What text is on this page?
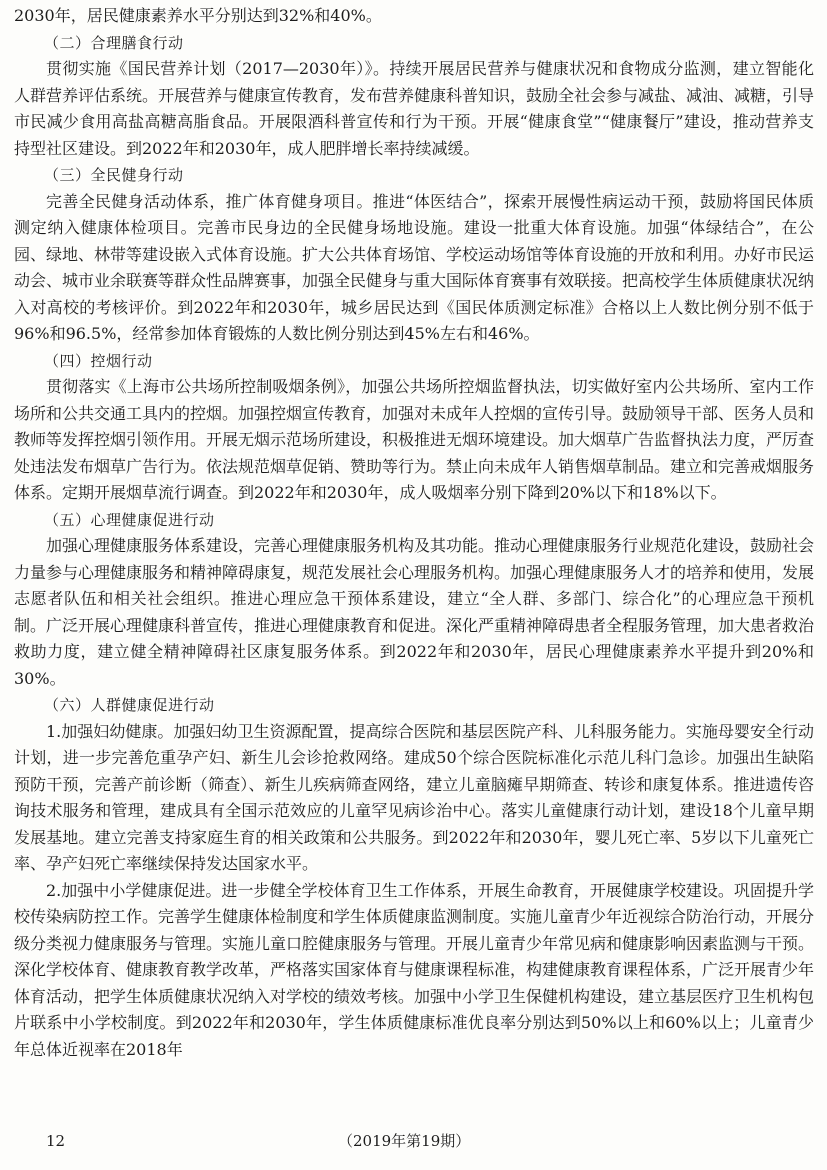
2030年，居民健康素养水平分别达到32%和40%。

（二）合理膳食行动

贯彻实施《国民营养计划（2017—2030年）》。持续开展居民营养与健康状况和食物成分监测，建立智能化人群营养评估系统。开展营养与健康宣传教育，发布营养健康科普知识，鼓励全社会参与减盐、减油、减糖，引导市民减少食用高盐高糖高脂食品。开展限酒科普宣传和行为干预。开展“健康食堂”“健康餐厅”建设，推动营养支持型社区建设。到2022年和2030年，成人肥胖增长率持续减缓。

（三）全民健身行动

完善全民健身活动体系，推广体育健身项目。推进“体医结合”，探索开展慢性病运动干预，鼓励将国民体质测定纳入健康体检项目。完善市民身边的全民健身场地设施。建设一批重大体育设施。加强“体绿结合”，在公园、绿地、林带等建设嵌入式体育设施。扩大公共体育场馆、学校运动场馆等体育设施的开放和利用。办好市民运动会、城市业余联赛等群众性品牌赛事，加强全民健身与重大国际体育赛事有效联接。把高校学生体质健康状况纳入对高校的考核评价。到2022年和2030年，城乡居民达到《国民体质测定标准》合格以上人数比例分别不低于96%和96.5%，经常参加体育锻炼的人数比例分别达到45%左右和46%。

（四）控烟行动

贯彻落实《上海市公共场所控制吸烟条例》，加强公共场所控烟监督执法，切实做好室内公共场所、室内工作场所和公共交通工具内的控烟。加强控烟宣传教育，加强对未成年人控烟的宣传引导。鼓励领导干部、医务人员和教师等发挥控烟引领作用。开展无烟示范场所建设，积极推进无烟环境建设。加大烟草广告监督执法力度，严厉查处违法发布烟草广告行为。依法规范烟草促销、赞助等行为。禁止向未成年人销售烟草制品。建立和完善戒烟服务体系。定期开展烟草流行调查。到2022年和2030年，成人吸烟率分别下降到20%以下和18%以下。

（五）心理健康促进行动

加强心理健康服务体系建设，完善心理健康服务机构及其功能。推动心理健康服务行业规范化建设，鼓励社会力量参与心理健康服务和精神障碍康复，规范发展社会心理服务机构。加强心理健康服务人才的培养和使用，发展志愿者队伍和相关社会组织。推进心理应急干预体系建设，建立“全人群、多部门、综合化”的心理应急干预机制。广泛开展心理健康科普宣传，推进心理健康教育和促进。深化严重精神障碍患者全程服务管理，加大患者救治救助力度，建立健全精神障碍社区康复服务体系。到2022年和2030年，居民心理健康素养水平提升到20%和30%。

（六）人群健康促进行动

1.加强妇幼健康。加强妇幼卫生资源配置，提高综合医院和基层医院产科、儿科服务能力。实施母婴安全行动计划，进一步完善危重孕产妇、新生儿会诊抢救网络。建成50个综合医院标准化示范儿科门急诊。加强出生缺陷预防干预，完善产前诊断（筛查）、新生儿疾病筛查网络，建立儿童脑瘫早期筛查、转诊和康复体系。推进遗传咨询技术服务和管理，建成具有全国示范效应的儿童罕见病诊治中心。落实儿童健康行动计划，建设18个儿童早期发展基地。建立完善支持家庭生育的相关政策和公共服务。到2022年和2030年，婴儿死亡率、5岁以下儿童死亡率、孕产妇死亡率继续保持发达国家水平。

2.加强中小学健康促进。进一步健全学校体育卫生工作体系，开展生命教育，开展健康学校建设。巩固提升学校传染病防控工作。完善学生健康体检制度和学生体质健康监测制度。实施儿童青少年近视综合防治行动，开展分级分类视力健康服务与管理。实施儿童口腔健康服务与管理。开展儿童青少年常见病和健康影响因素监测与干预。深化学校体育、健康教育教学改革，严格落实国家体育与健康课程标准，构建健康教育课程体系，广泛开展青少年体育活动，把学生体质健康状况纳入对学校的绩效考核。加强中小学卫生保健机构建设，建立基层医疗卫生机构包片联系中小学校制度。到2022年和2030年，学生体质健康标准优良率分别达到50%以上和60%以上；儿童青少年总体近视率在2018年

12	（2019年第19期）
